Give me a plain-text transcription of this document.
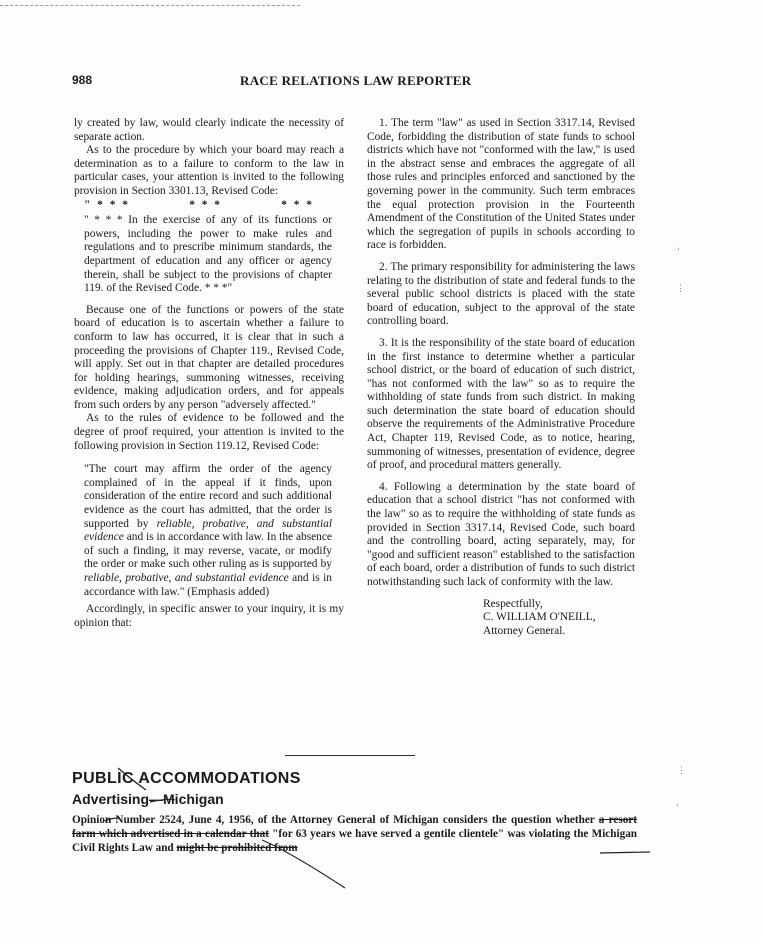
988	RACE RELATIONS LAW REPORTER

ly created by law, would clearly indicate the necessity of separate action.

As to the procedure by which your board may reach a determination as to a failure to conform to the law in particular cases, your attention is invited to the following provision in Section 3301.13, Revised Code:

" * * *	* * *	* * *

" * * * In the exercise of any of its functions or powers, including the power to make rules and regulations and to prescribe minimum standards, the department of education and any officer or agency therein, shall be subject to the provisions of chapter 119. of the Revised Code. * * *"

Because one of the functions or powers of the state board of education is to ascertain whether a failure to conform to law has occurred, it is clear that in such a proceeding the provisions of Chapter 119., Revised Code, will apply. Set out in that chapter are detailed procedures for holding hearings, summoning witnesses, receiving evidence, making adjudication orders, and for appeals from such orders by any person "adversely affected."

As to the rules of evidence to be followed and the degree of proof required, your attention is invited to the following provision in Section 119.12, Revised Code:

"The court may affirm the order of the agency complained of in the appeal if it finds, upon consideration of the entire record and such additional evidence as the court has admitted, that the order is supported by reliable, probative, and substantial evidence and is in accordance with law. In the absence of such a finding, it may reverse, vacate, or modify the order or make such other ruling as is supported by reliable, probative, and substantial evidence and is in accordance with law." (Emphasis added)

Accordingly, in specific answer to your inquiry, it is my opinion that:

1. The term "law" as used in Section 3317.14, Revised Code, forbidding the distribution of state funds to school districts which have not "conformed with the law," is used in the abstract sense and embraces the aggregate of all those rules and principles enforced and sanctioned by the governing power in the community. Such term embraces the equal protection provision in the Fourteenth Amendment of the Constitution of the United States under which the segregation of pupils in schools according to race is forbidden.

2. The primary responsibility for administering the laws relating to the distribution of state and federal funds to the several public school districts is placed with the state board of education, subject to the approval of the state controlling board.

3. It is the responsibility of the state board of education in the first instance to determine whether a particular school district, or the board of education of such district, "has not conformed with the law" so as to require the withholding of state funds from such district. In making such determination the state board of education should observe the requirements of the Administrative Procedure Act, Chapter 119, Revised Code, as to notice, hearing, summoning of witnesses, presentation of evidence, degree of proof, and procedural matters generally.

4. Following a determination by the state board of education that a school district "has not conformed with the law" so as to require the withholding of state funds as provided in Section 3317.14, Revised Code, such board and the controlling board, acting separately, may, for "good and sufficient reason" established to the satisfaction of each board, order a distribution of funds to such district notwithstanding such lack of conformity with the law.

Respectfully,

C. WILLIAM O'NEILL,

Attorney General.

PUBLIC ACCOMMODATIONS
Advertising—Michigan
Opinion Number 2524, June 4, 1956, of the Attorney General of Michigan considers the question whether a resort farm which advertised in a calendar that "for 63 years we have served a gentile clientele" was violating the Michigan Civil Rights Law and might be prohibited from
‘
⋮
⋮
‘
